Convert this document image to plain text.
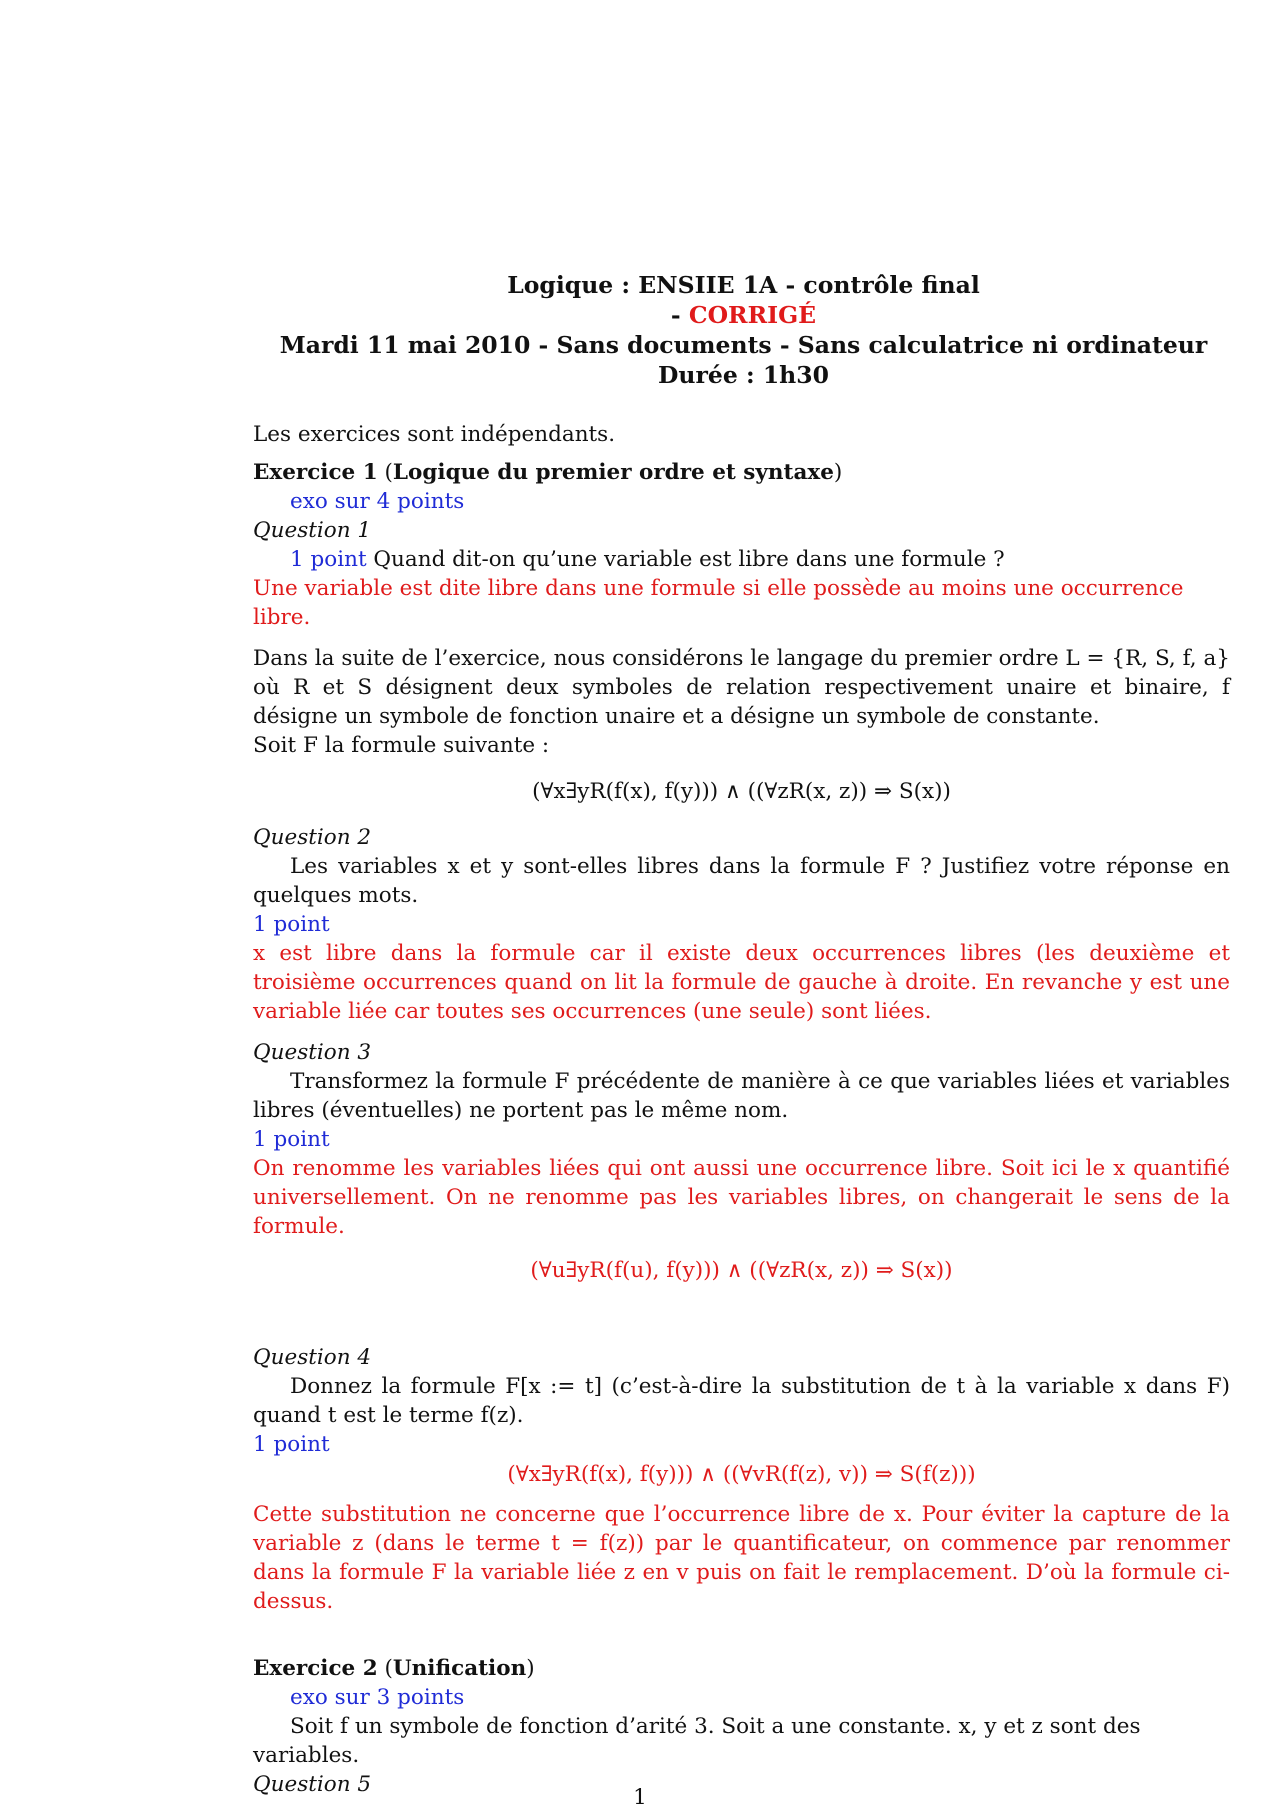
Logique : ENSIIE 1A - contrôle final
- CORRIGÉ
Mardi 11 mai 2010 - Sans documents - Sans calculatrice ni ordinateur
Durée : 1h30

Les exercices sont indépendants.

Exercice 1 (Logique du premier ordre et syntaxe)

exo sur 4 points

Question 1

1 point Quand dit-on qu’une variable est libre dans une formule ?

Une variable est dite libre dans une formule si elle possède au moins une occurrence libre.

Dans la suite de l’exercice, nous considérons le langage du premier ordre L = {R, S, f, a} où R et S désignent deux symboles de relation respectivement unaire et binaire, f désigne un symbole de fonction unaire et a désigne un symbole de constante.

Soit F la formule suivante :

(∀x∃yR(f(x), f(y))) ∧ ((∀zR(x, z)) ⇒ S(x))

Question 2

Les variables x et y sont-elles libres dans la formule F ? Justifiez votre réponse en quelques mots.

1 point

x est libre dans la formule car il existe deux occurrences libres (les deuxième et troisième occurrences quand on lit la formule de gauche à droite. En revanche y est une variable liée car toutes ses occurrences (une seule) sont liées.

Question 3

Transformez la formule F précédente de manière à ce que variables liées et variables libres (éventuelles) ne portent pas le même nom.

1 point

On renomme les variables liées qui ont aussi une occurrence libre. Soit ici le x quantifié universellement. On ne renomme pas les variables libres, on changerait le sens de la formule.

(∀u∃yR(f(u), f(y))) ∧ ((∀zR(x, z)) ⇒ S(x))

Question 4

Donnez la formule F[x := t] (c’est-à-dire la substitution de t à la variable x dans F) quand t est le terme f(z).

1 point

(∀x∃yR(f(x), f(y))) ∧ ((∀vR(f(z), v)) ⇒ S(f(z)))

Cette substitution ne concerne que l’occurrence libre de x. Pour éviter la capture de la variable z (dans le terme t = f(z)) par le quantificateur, on commence par renommer dans la formule F la variable liée z en v puis on fait le remplacement. D’où la formule ci-dessus.

Exercice 2 (Unification)

exo sur 3 points

Soit f un symbole de fonction d’arité 3. Soit a une constante. x, y et z sont des variables.

Question 5

1
